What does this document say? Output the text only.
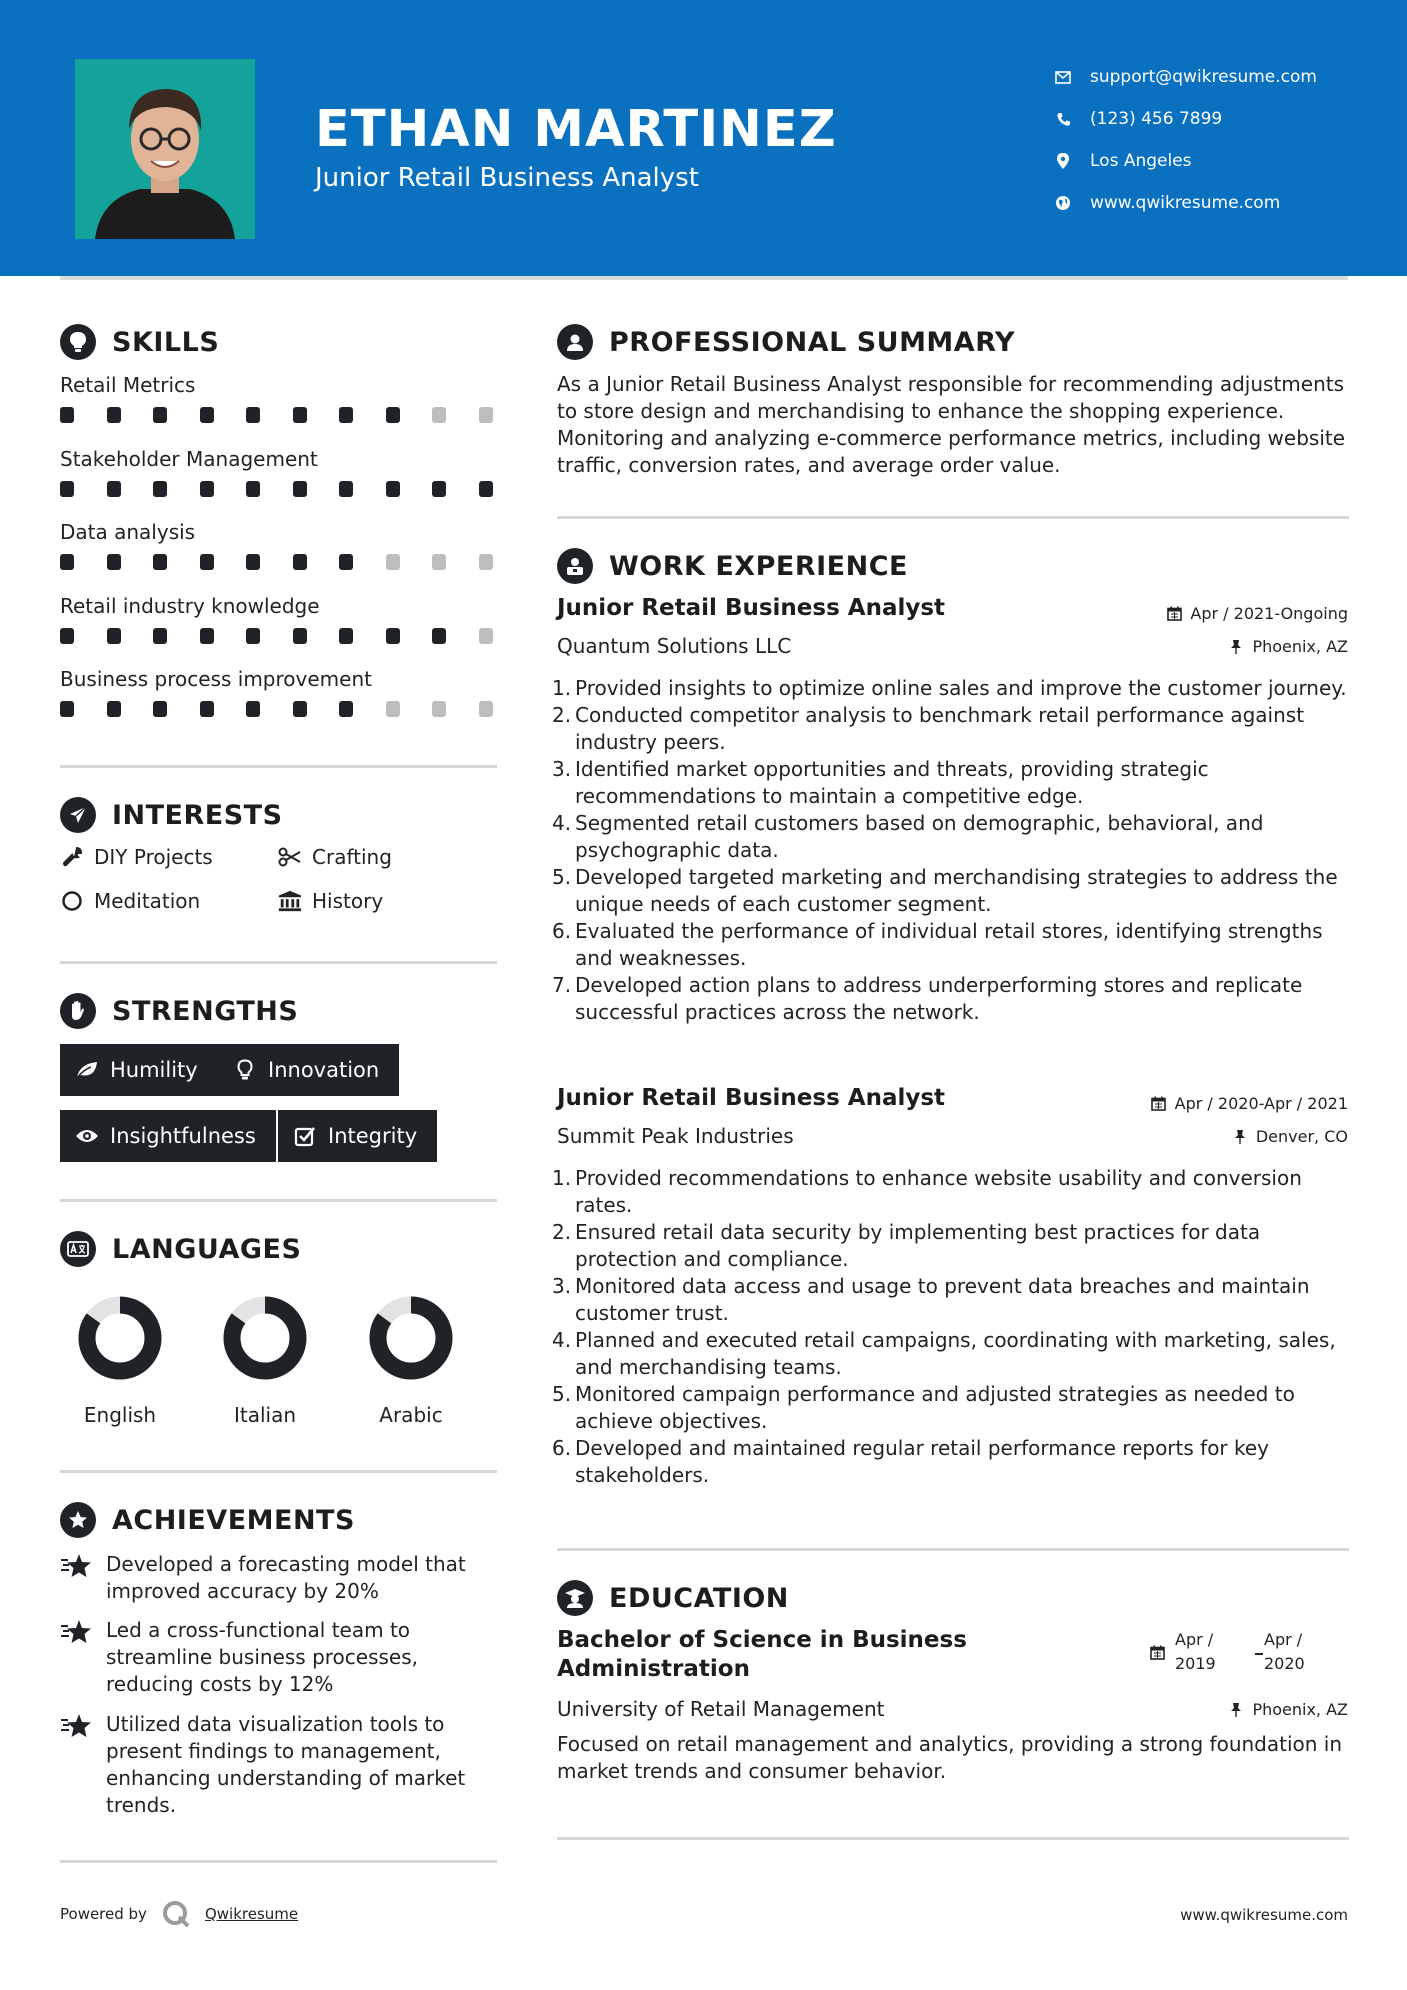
ETHAN MARTINEZ
Junior Retail Business Analyst
support@qwikresume.com
(123) 456 7899
Los Angeles
www.qwikresume.com
SKILLS
Retail Metrics
Stakeholder Management
Data analysis
Retail industry knowledge
Business process improvement
INTERESTS
DIY Projects	Crafting
Meditation	History
STRENGTHS
Humility	Innovation
Insightfulness	Integrity
LANGUAGES
English	Italian	Arabic
ACHIEVEMENTS
Developed a forecasting model that improved accuracy by 20%
Led a cross-functional team to streamline business processes, reducing costs by 12%
Utilized data visualization tools to present findings to management, enhancing understanding of market trends.
PROFESSIONAL SUMMARY
As a Junior Retail Business Analyst responsible for recommending adjustments to store design and merchandising to enhance the shopping experience. Monitoring and analyzing e-commerce performance metrics, including website traffic, conversion rates, and average order value.
WORK EXPERIENCE
Junior Retail Business Analyst
Quantum Solutions LLC
Apr / 2021-Ongoing
Phoenix, AZ
1. Provided insights to optimize online sales and improve the customer journey.
2. Conducted competitor analysis to benchmark retail performance against industry peers.
3. Identified market opportunities and threats, providing strategic recommendations to maintain a competitive edge.
4. Segmented retail customers based on demographic, behavioral, and psychographic data.
5. Developed targeted marketing and merchandising strategies to address the unique needs of each customer segment.
6. Evaluated the performance of individual retail stores, identifying strengths and weaknesses.
7. Developed action plans to address underperforming stores and replicate successful practices across the network.
Junior Retail Business Analyst
Summit Peak Industries
Apr / 2020-Apr / 2021
Denver, CO
1. Provided recommendations to enhance website usability and conversion rates.
2. Ensured retail data security by implementing best practices for data protection and compliance.
3. Monitored data access and usage to prevent data breaches and maintain customer trust.
4. Planned and executed retail campaigns, coordinating with marketing, sales, and merchandising teams.
5. Monitored campaign performance and adjusted strategies as needed to achieve objectives.
6. Developed and maintained regular retail performance reports for key stakeholders.
EDUCATION
Bachelor of Science in Business
Administration
University of Retail Management
Apr /
2019
Apr /
2020
Phoenix, AZ
Focused on retail management and analytics, providing a strong foundation in market trends and consumer behavior.
Powered by	Qwikresume	www.qwikresume.com
